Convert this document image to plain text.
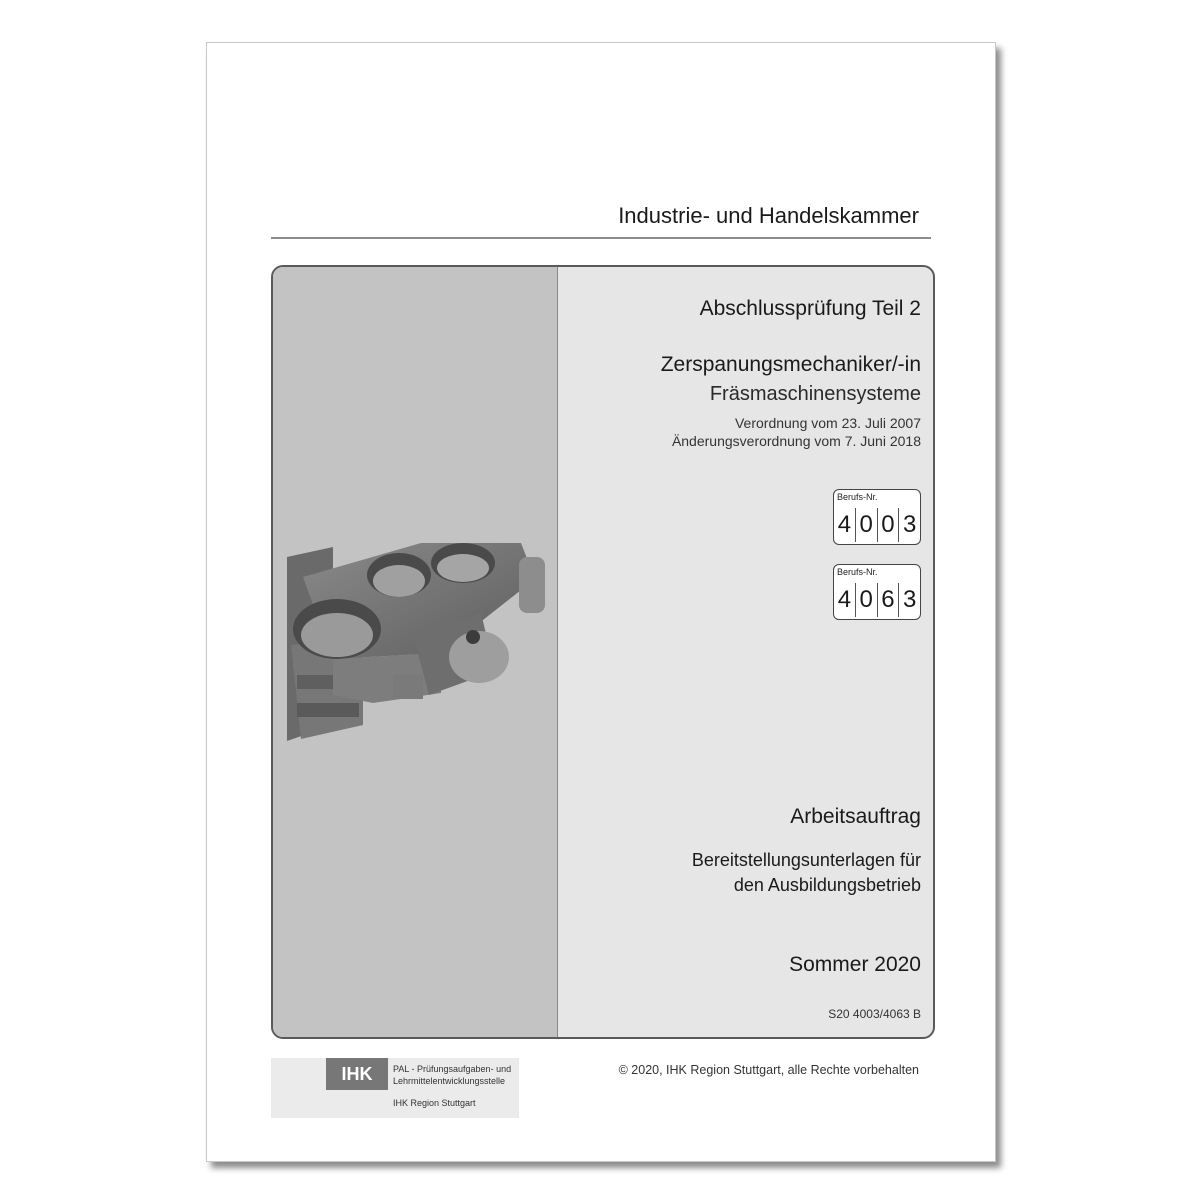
Industrie- und Handelskammer
Abschlussprüfung Teil 2
Zerspanungsmechaniker/-in
Fräsmaschinensysteme
Verordnung vom 23. Juli 2007
Änderungsverordnung vom 7. Juni 2018
Berufs-Nr.
4 0 0 3
Berufs-Nr.
4 0 6 3
Arbeitsauftrag
Bereitstellungsunterlagen für
den Ausbildungsbetrieb
Sommer 2020
S20 4003/4063 B
IHK	PAL - Prüfungsaufgaben- und
Lehrmittelentwicklungsstelle
IHK Region Stuttgart
© 2020, IHK Region Stuttgart, alle Rechte vorbehalten
